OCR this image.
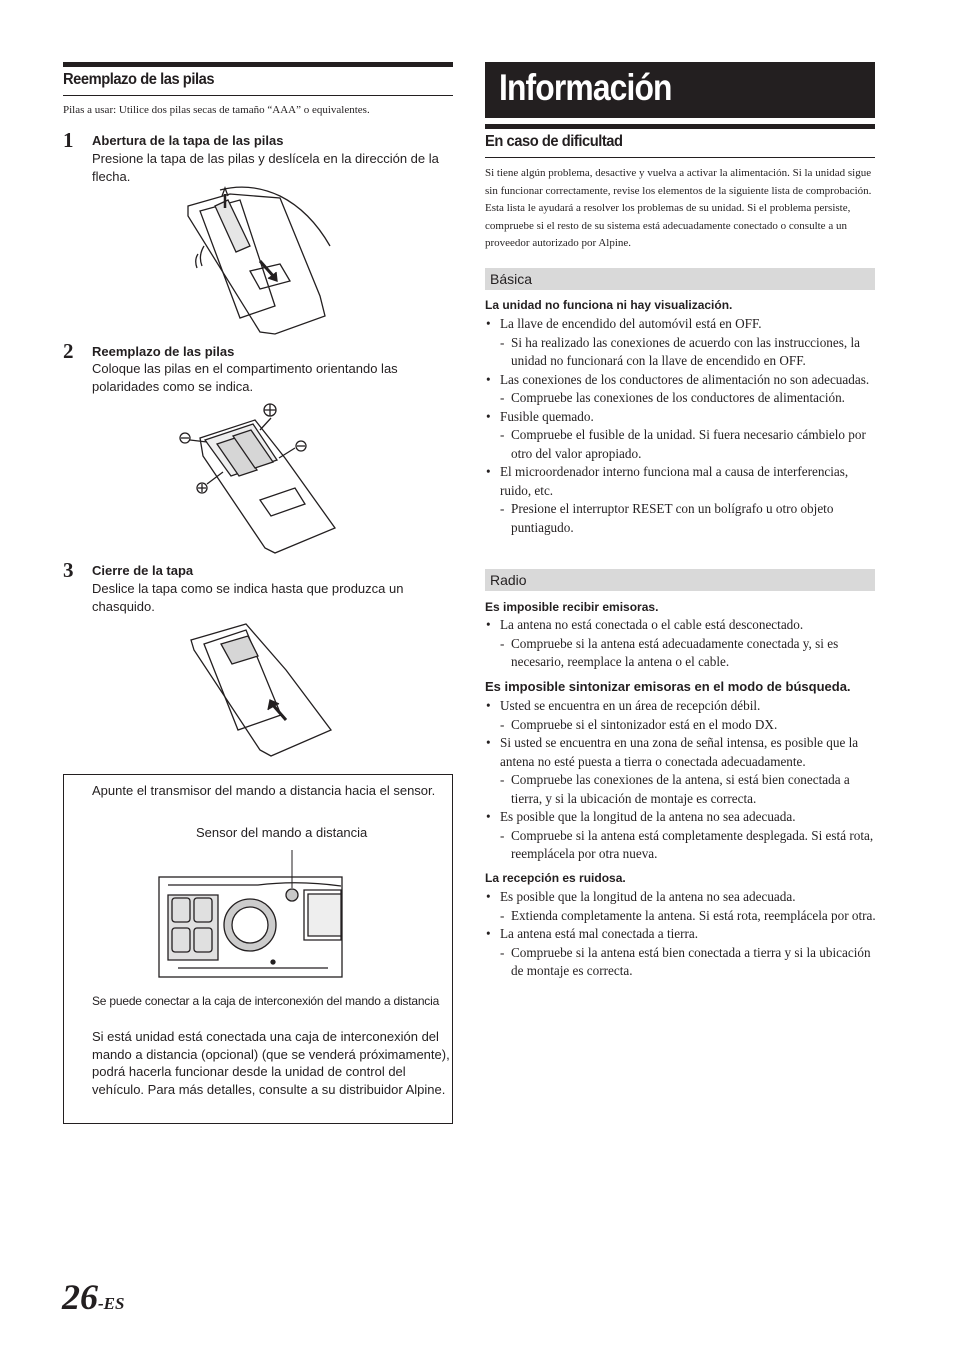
Reemplazo de las pilas
Pilas a usar: Utilice dos pilas secas de tamaño “AAA” o equivalentes.
1 Abertura de la tapa de las pilas
Presione la tapa de las pilas y deslícela en la dirección de la flecha.
2 Reemplazo de las pilas
Coloque las pilas en el compartimento orientando las polaridades como se indica.
3 Cierre de la tapa
Deslice la tapa como se indica hasta que produzca un chasquido.
Apunte el transmisor del mando a distancia hacia el sensor.
Sensor del mando a distancia
Se puede conectar a la caja de interconexión del mando a distancia
Si está unidad está conectada una caja de interconexión del mando a distancia (opcional) (que se venderá próximamente), podrá hacerla funcionar desde la unidad de control del vehículo. Para más detalles, consulte a su distribuidor Alpine.
Información
En caso de dificultad
Si tiene algún problema, desactive y vuelva a activar la alimentación. Si la unidad sigue sin funcionar correctamente, revise los elementos de la siguiente lista de comprobación. Esta lista le ayudará a resolver los problemas de su unidad. Si el problema persiste, compruebe si el resto de su sistema está adecuadamente conectado o consulte a un proveedor autorizado por Alpine.
Básica
La unidad no funciona ni hay visualización.
• La llave de encendido del automóvil está en OFF.
- Si ha realizado las conexiones de acuerdo con las instrucciones, la unidad no funcionará con la llave de encendido en OFF.
• Las conexiones de los conductores de alimentación no son adecuadas.
- Compruebe las conexiones de los conductores de alimentación.
• Fusible quemado.
- Compruebe el fusible de la unidad. Si fuera necesario cámbielo por otro del valor apropiado.
• El microordenador interno funciona mal a causa de interferencias, ruido, etc.
- Presione el interruptor RESET con un bolígrafo u otro objeto puntiagudo.
Radio
Es imposible recibir emisoras.
• La antena no está conectada o el cable está desconectado.
- Compruebe si la antena está adecuadamente conectada y, si es necesario, reemplace la antena o el cable.
Es imposible sintonizar emisoras en el modo de búsqueda.
• Usted se encuentra en un área de recepción débil.
- Compruebe si el sintonizador está en el modo DX.
• Si usted se encuentra en una zona de señal intensa, es posible que la antena no esté puesta a tierra o conectada adecuadamente.
- Compruebe las conexiones de la antena, si está bien conectada a tierra, y si la ubicación de montaje es correcta.
• Es posible que la longitud de la antena no sea adecuada.
- Compruebe si la antena está completamente desplegada. Si está rota, reemplácela por otra nueva.
La recepción es ruidosa.
• Es posible que la longitud de la antena no sea adecuada.
- Extienda completamente la antena. Si está rota, reemplácela por otra.
• La antena está mal conectada a tierra.
- Compruebe si la antena está bien conectada a tierra y si la ubicación de montaje es correcta.
26-ES
